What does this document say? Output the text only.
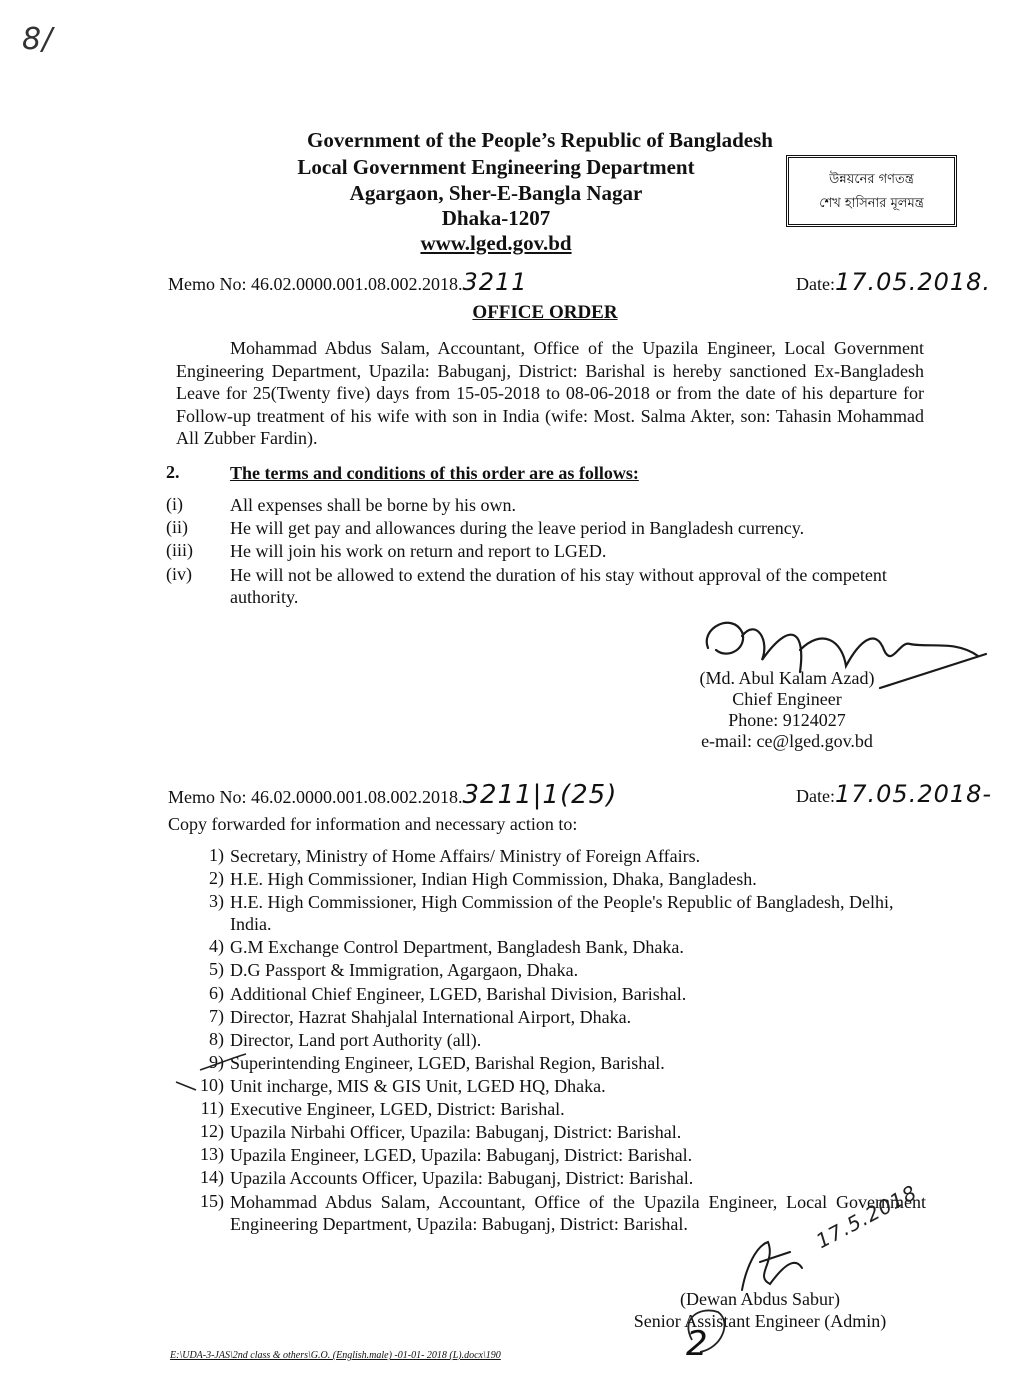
8/
Government of the People’s Republic of Bangladesh
Local Government Engineering Department
Agargaon, Sher-E-Bangla Nagar
Dhaka-1207
www.lged.gov.bd
উন্নয়নের গণতন্ত্র
শেখ হাসিনার মূলমন্ত্র
Memo No: 46.02.0000.001.08.002.2018.3211	Date:17.05.2018.
OFFICE ORDER
Mohammad Abdus Salam, Accountant, Office of the Upazila Engineer, Local Government Engineering Department, Upazila: Babuganj, District: Barishal is hereby sanctioned Ex-Bangladesh Leave for 25(Twenty five) days from 15-05-2018 to 08-06-2018 or from the date of his departure for Follow-up treatment of his wife with son in India (wife: Most. Salma Akter, son: Tahasin Mohammad All Zubber Fardin).
2.	The terms and conditions of this order are as follows:
(i)	All expenses shall be borne by his own.
(ii)	He will get pay and allowances during the leave period in Bangladesh currency.
(iii)	He will join his work on return and report to LGED.
(iv)	He will not be allowed to extend the duration of his stay without approval of the competent authority.
(Md. Abul Kalam Azad)
Chief Engineer
Phone: 9124027
e-mail: ce@lged.gov.bd
Memo No: 46.02.0000.001.08.002.2018.3211|1(25)	Date:17.05.2018-
Copy forwarded for information and necessary action to:
1) Secretary, Ministry of Home Affairs/ Ministry of Foreign Affairs.
2) H.E. High Commissioner, Indian High Commission, Dhaka, Bangladesh.
3) H.E. High Commissioner, High Commission of the People's Republic of Bangladesh, Delhi, India.
4) G.M Exchange Control Department, Bangladesh Bank, Dhaka.
5) D.G Passport & Immigration, Agargaon, Dhaka.
6) Additional Chief Engineer, LGED, Barishal Division, Barishal.
7) Director, Hazrat Shahjalal International Airport, Dhaka.
8) Director, Land port Authority (all).
9) Superintending Engineer, LGED, Barishal Region, Barishal.
10) Unit incharge, MIS & GIS Unit, LGED HQ, Dhaka.
11) Executive Engineer, LGED, District: Barishal.
12) Upazila Nirbahi Officer, Upazila: Babuganj, District: Barishal.
13) Upazila Engineer, LGED, Upazila: Babuganj, District: Barishal.
14) Upazila Accounts Officer, Upazila: Babuganj, District: Barishal.
15) Mohammad Abdus Salam, Accountant, Office of the Upazila Engineer, Local Government Engineering Department, Upazila: Babuganj, District: Barishal.	17.5.2018
(Dewan Abdus Sabur)
Senior Assistant Engineer (Admin)
2
E:\UDA-3-JAS\2nd class & others\G.O. (English.male) -01-01- 2018 (L).docx\190
